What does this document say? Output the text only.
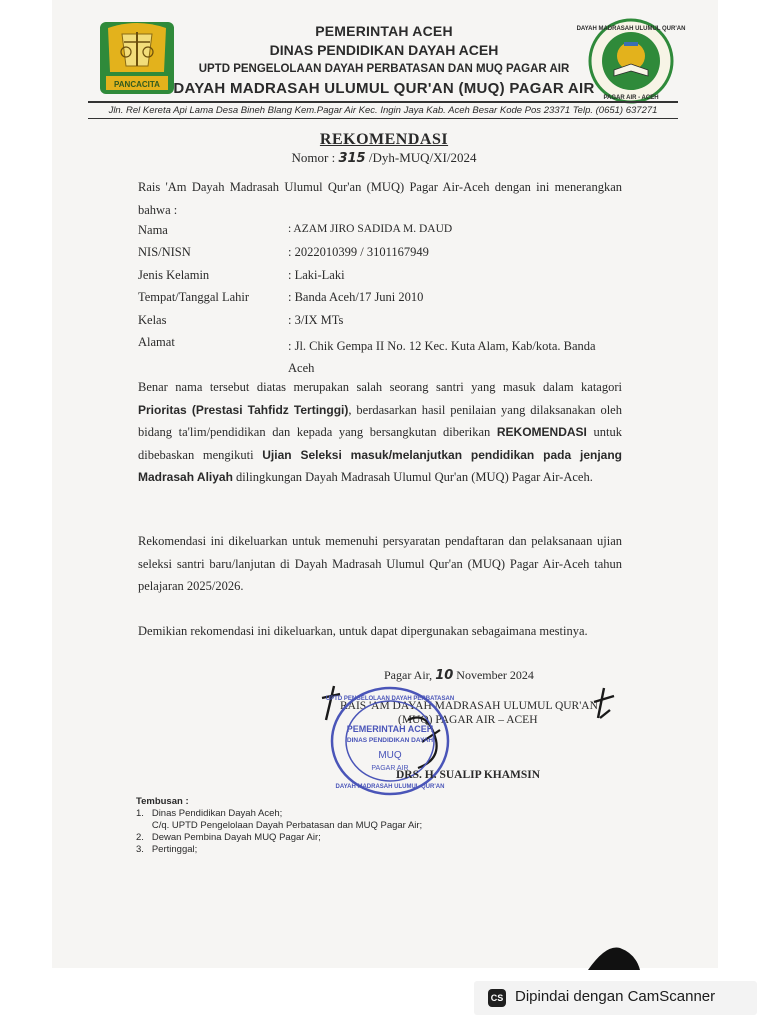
PANCACITA
DAYAH MADRASAH ULUMUL QUR'AN
PAGAR AIR - ACEH
PEMERINTAH ACEH
DINAS PENDIDIKAN DAYAH ACEH
UPTD PENGELOLAAN DAYAH PERBATASAN DAN MUQ PAGAR AIR
DAYAH MADRASAH ULUMUL QUR'AN (MUQ) PAGAR AIR
Jln. Rel Kereta Api Lama Desa Bineh Blang Kem.Pagar Air Kec. Ingin Jaya Kab. Aceh Besar Kode Pos 23371 Telp. (0651) 637271
REKOMENDASI
Nomor : 315 /Dyh-MUQ/XI/2024
Rais 'Am Dayah Madrasah Ulumul Qur'an (MUQ) Pagar Air-Aceh dengan ini menerangkan bahwa :
Nama	: AZAM JIRO SADIDA M. DAUD
NIS/NISN	: 2022010399 / 3101167949
Jenis Kelamin	: Laki-Laki
Tempat/Tanggal Lahir	: Banda Aceh/17 Juni 2010
Kelas	: 3/IX MTs
Alamat	: Jl. Chik Gempa II No. 12 Kec. Kuta Alam, Kab/kota. Banda Aceh
Benar nama tersebut diatas merupakan salah seorang santri yang masuk dalam katagori Prioritas (Prestasi Tahfidz Tertinggi), berdasarkan hasil penilaian yang dilaksanakan oleh bidang ta'lim/pendidikan dan kepada yang bersangkutan diberikan REKOMENDASI untuk dibebaskan mengikuti Ujian Seleksi masuk/melanjutkan pendidikan pada jenjang Madrasah Aliyah dilingkungan Dayah Madrasah Ulumul Qur'an (MUQ) Pagar Air-Aceh.
Rekomendasi ini dikeluarkan untuk memenuhi persyaratan pendaftaran dan pelaksanaan ujian seleksi santri baru/lanjutan di Dayah Madrasah Ulumul Qur'an (MUQ) Pagar Air-Aceh tahun pelajaran 2025/2026.
Demikian rekomendasi ini dikeluarkan, untuk dapat dipergunakan sebagaimana mestinya.
Pagar Air, 10 November 2024
RAIS 'AM DAYAH MADRASAH ULUMUL QUR'AN
(MUQ) PAGAR AIR – ACEH
UPTD PENGELOLAAN DAYAH PERBATASAN
DAYAH MADRASAH ULUMUL QUR'AN
PEMERINTAH ACEH
DINAS PENDIDIKAN DAYAH
MUQ
PAGAR AIR
DRS. H. SUALIP KHAMSIN
Tembusan :
1.   Dinas Pendidikan Dayah Aceh;
C/q. UPTD Pengelolaan Dayah Perbatasan dan MUQ Pagar Air;
2.   Dewan Pembina Dayah MUQ Pagar Air;
3.   Pertinggal;
CS Dipindai dengan CamScanner
